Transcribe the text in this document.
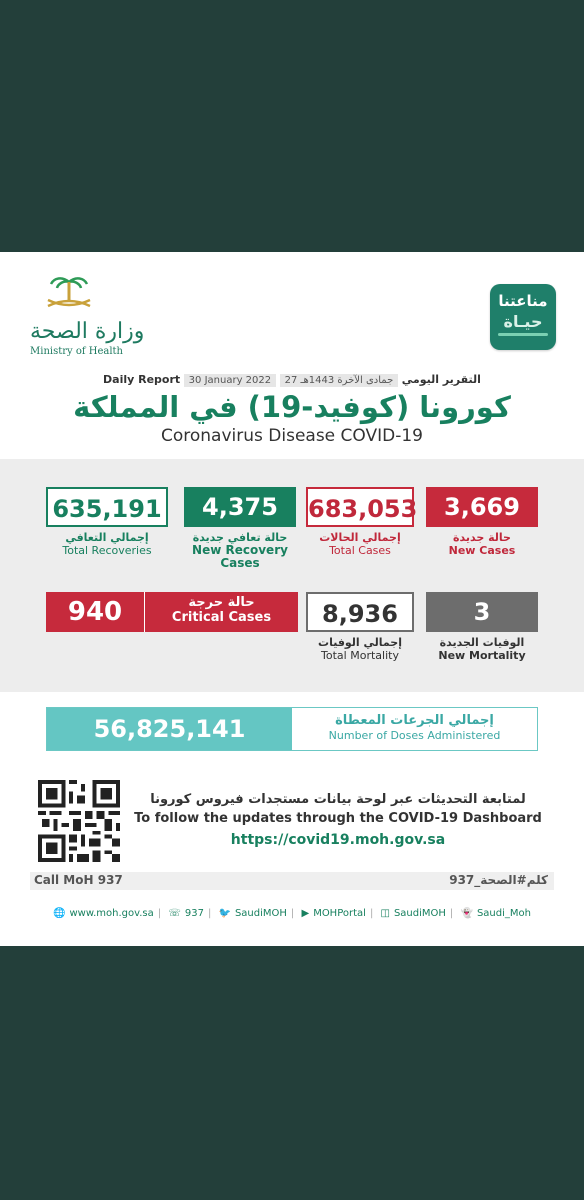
وزارة الصحة
Ministry of Health
مناعتنا
حيـاة
Daily Report 30 January 2022 27 جمادى الآخرة 1443هـ التقرير اليومي
كورونا (كوفيد-19) في المملكة
Coronavirus Disease COVID-19
635,191
إجمالي التعافي
Total Recoveries
4,375
حالة تعافي جديدة
New Recovery Cases
683,053
إجمالي الحالات
Total Cases
3,669
حالة جديدة
New Cases
8,936
إجمالي الوفيات
Total Mortality
3
الوفيات الجديدة
New Mortality
940	حالة حرجة
Critical Cases
56,825,141	إجمالي الجرعات المعطاة
Number of Doses Administered
لمتابعة التحديثات عبر لوحة بيانات مستجدات فيروس كورونا
To follow the updates through the COVID-19 Dashboard
https://covid19.moh.gov.sa
Call MoH 937	كلم#الصحة_937
🌐 www.moh.gov.sa | ☏ 937 | 🐦 SaudiMOH | ▶ MOHPortal | ◫ SaudiMOH | 👻 Saudi_Moh
